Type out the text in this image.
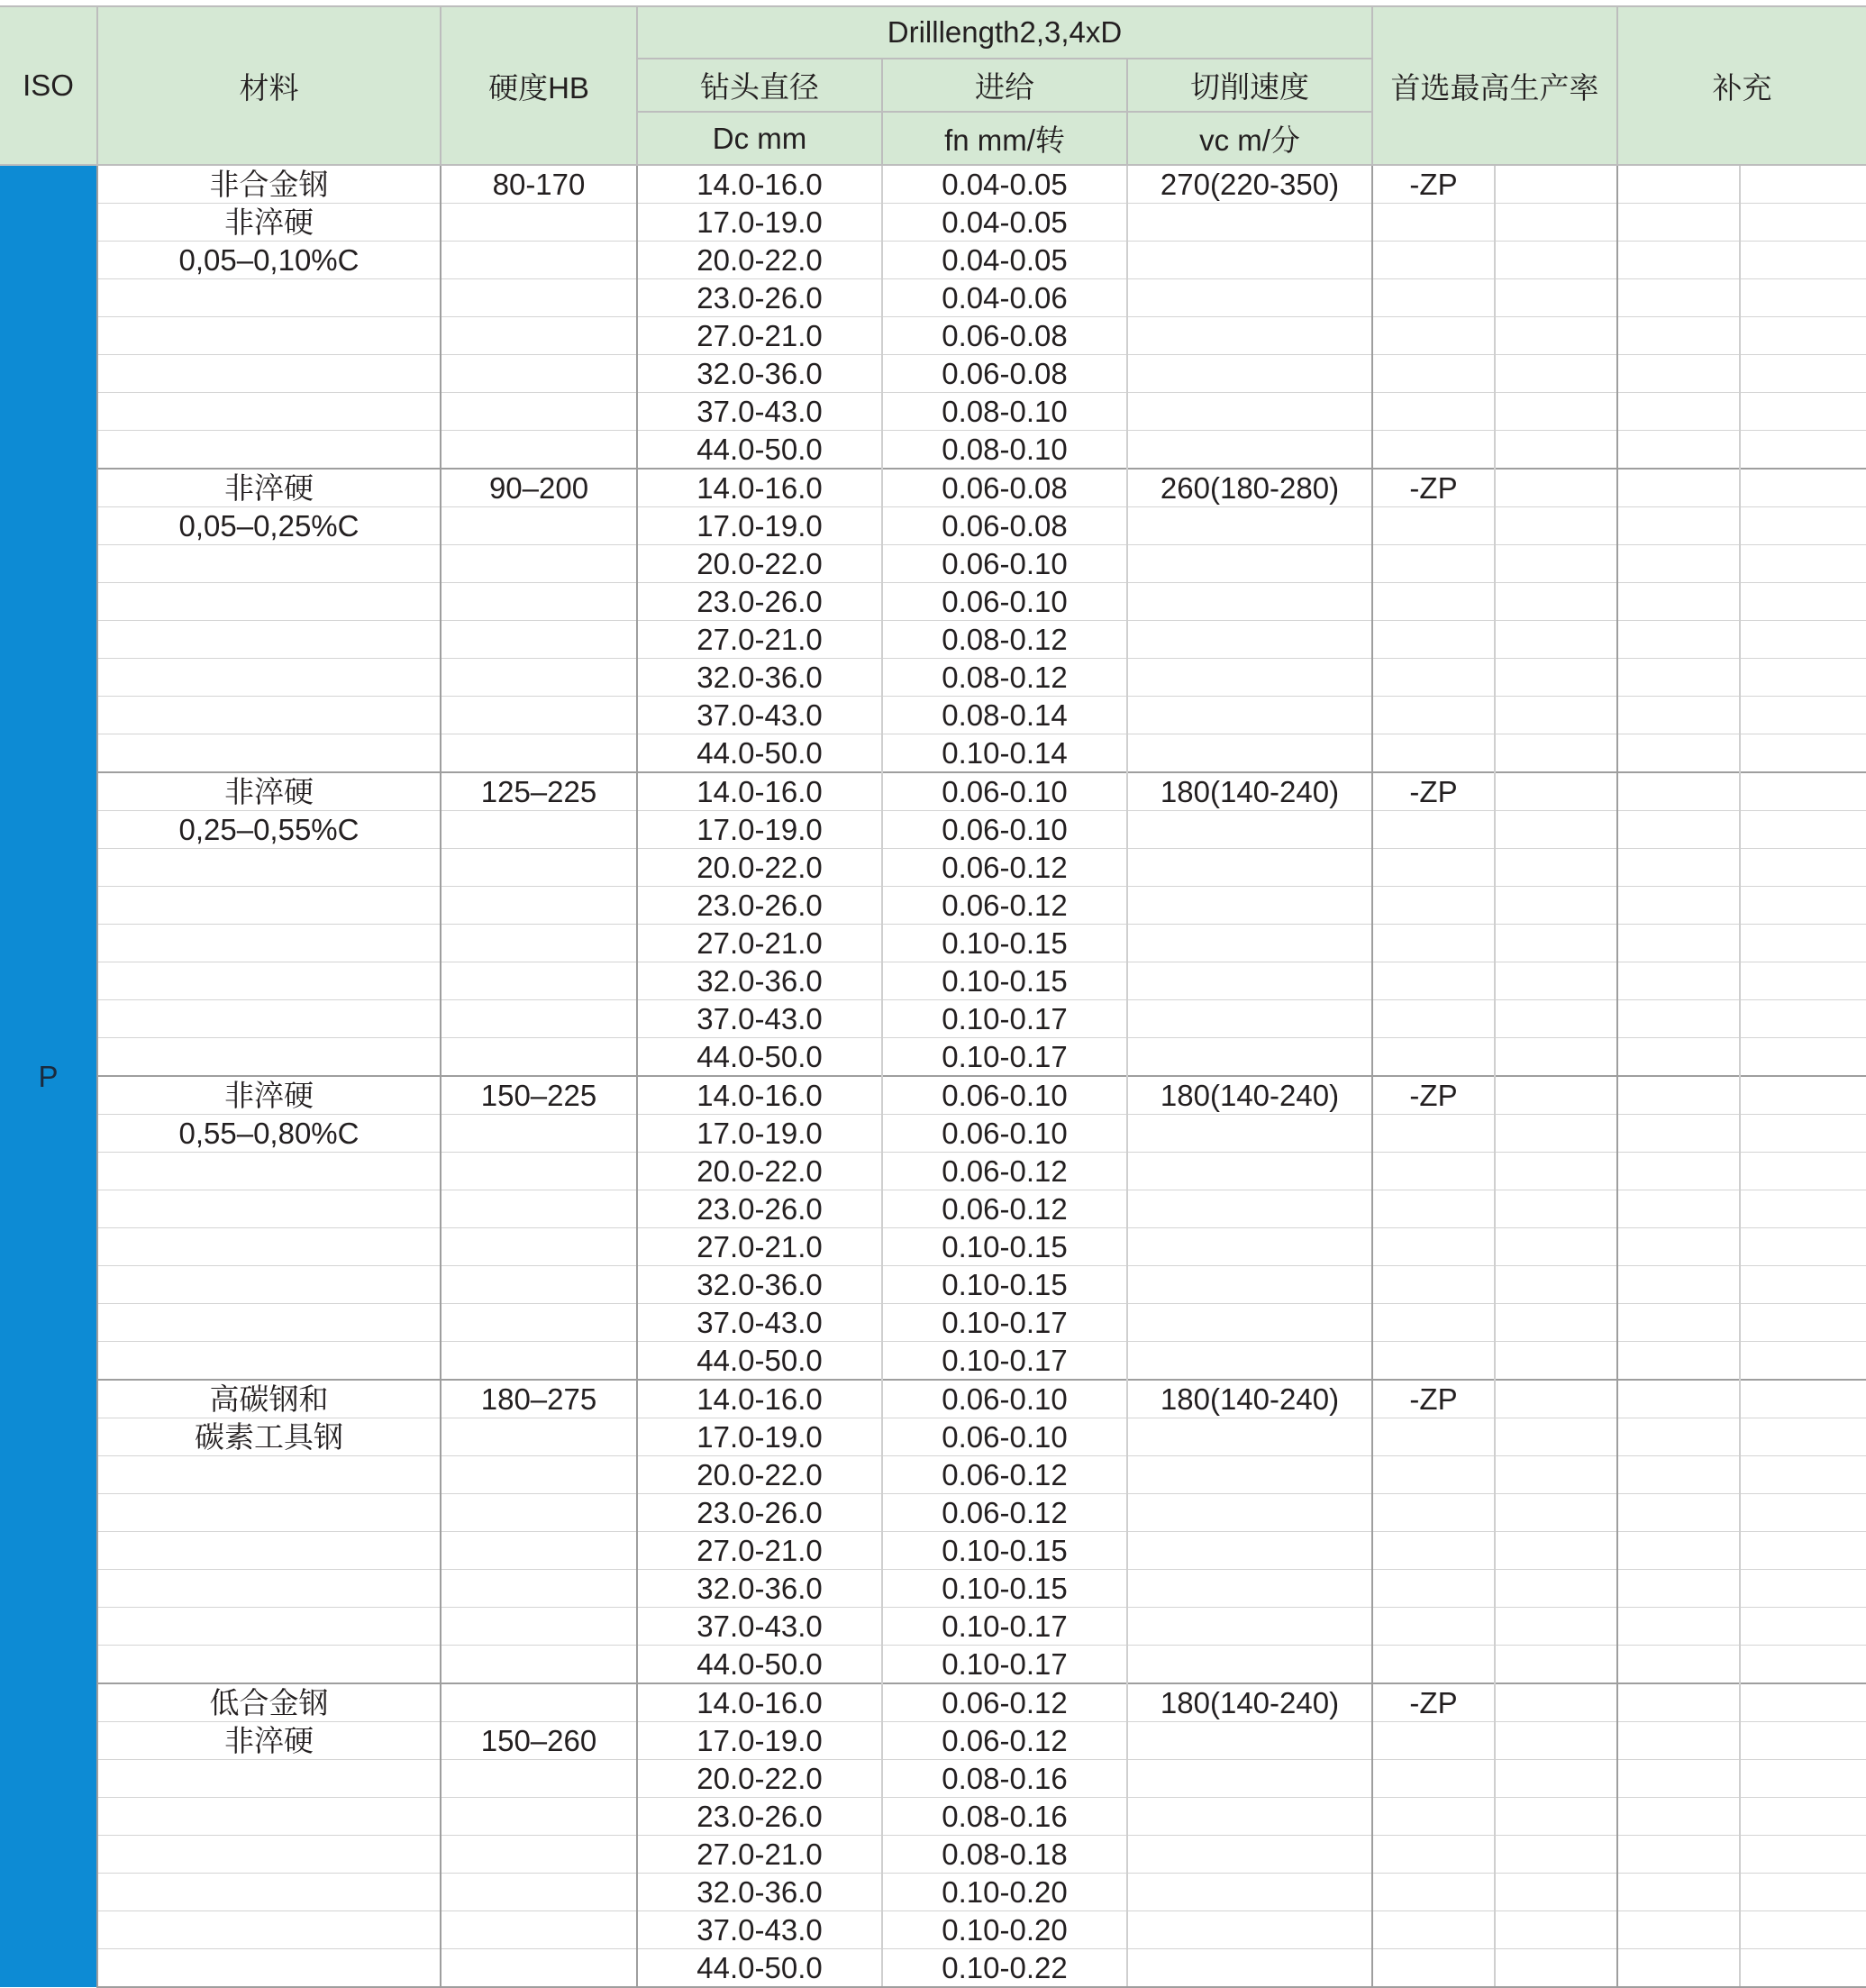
ISO	材料	硬度HB	Drilllength2,3,4xD			首选最高生产率		补充	
			钻头直径	进给	切削速度				
			Dc mm	fn mm/转	vc m/分				
P	非合金钢	80-170	14.0-16.0	0.04-0.05	270(220-350)	-ZP			
	非淬硬		17.0-19.0	0.04-0.05					
	0,05–0,10%C		20.0-22.0	0.04-0.05					
			23.0-26.0	0.04-0.06					
			27.0-21.0	0.06-0.08					
			32.0-36.0	0.06-0.08					
			37.0-43.0	0.08-0.10					
			44.0-50.0	0.08-0.10					
	非淬硬	90–200	14.0-16.0	0.06-0.08	260(180-280)	-ZP			
	0,05–0,25%C		17.0-19.0	0.06-0.08					
			20.0-22.0	0.06-0.10					
			23.0-26.0	0.06-0.10					
			27.0-21.0	0.08-0.12					
			32.0-36.0	0.08-0.12					
			37.0-43.0	0.08-0.14					
			44.0-50.0	0.10-0.14					
	非淬硬	125–225	14.0-16.0	0.06-0.10	180(140-240)	-ZP			
	0,25–0,55%C		17.0-19.0	0.06-0.10					
			20.0-22.0	0.06-0.12					
			23.0-26.0	0.06-0.12					
			27.0-21.0	0.10-0.15					
			32.0-36.0	0.10-0.15					
			37.0-43.0	0.10-0.17					
			44.0-50.0	0.10-0.17					
	非淬硬	150–225	14.0-16.0	0.06-0.10	180(140-240)	-ZP			
	0,55–0,80%C		17.0-19.0	0.06-0.10					
			20.0-22.0	0.06-0.12					
			23.0-26.0	0.06-0.12					
			27.0-21.0	0.10-0.15					
			32.0-36.0	0.10-0.15					
			37.0-43.0	0.10-0.17					
			44.0-50.0	0.10-0.17					
	高碳钢和	180–275	14.0-16.0	0.06-0.10	180(140-240)	-ZP			
	碳素工具钢		17.0-19.0	0.06-0.10					
			20.0-22.0	0.06-0.12					
			23.0-26.0	0.06-0.12					
			27.0-21.0	0.10-0.15					
			32.0-36.0	0.10-0.15					
			37.0-43.0	0.10-0.17					
			44.0-50.0	0.10-0.17					
	低合金钢		14.0-16.0	0.06-0.12	180(140-240)	-ZP			
	非淬硬	150–260	17.0-19.0	0.06-0.12					
			20.0-22.0	0.08-0.16					
			23.0-26.0	0.08-0.16					
			27.0-21.0	0.08-0.18					
			32.0-36.0	0.10-0.20					
			37.0-43.0	0.10-0.20					
			44.0-50.0	0.10-0.22					
